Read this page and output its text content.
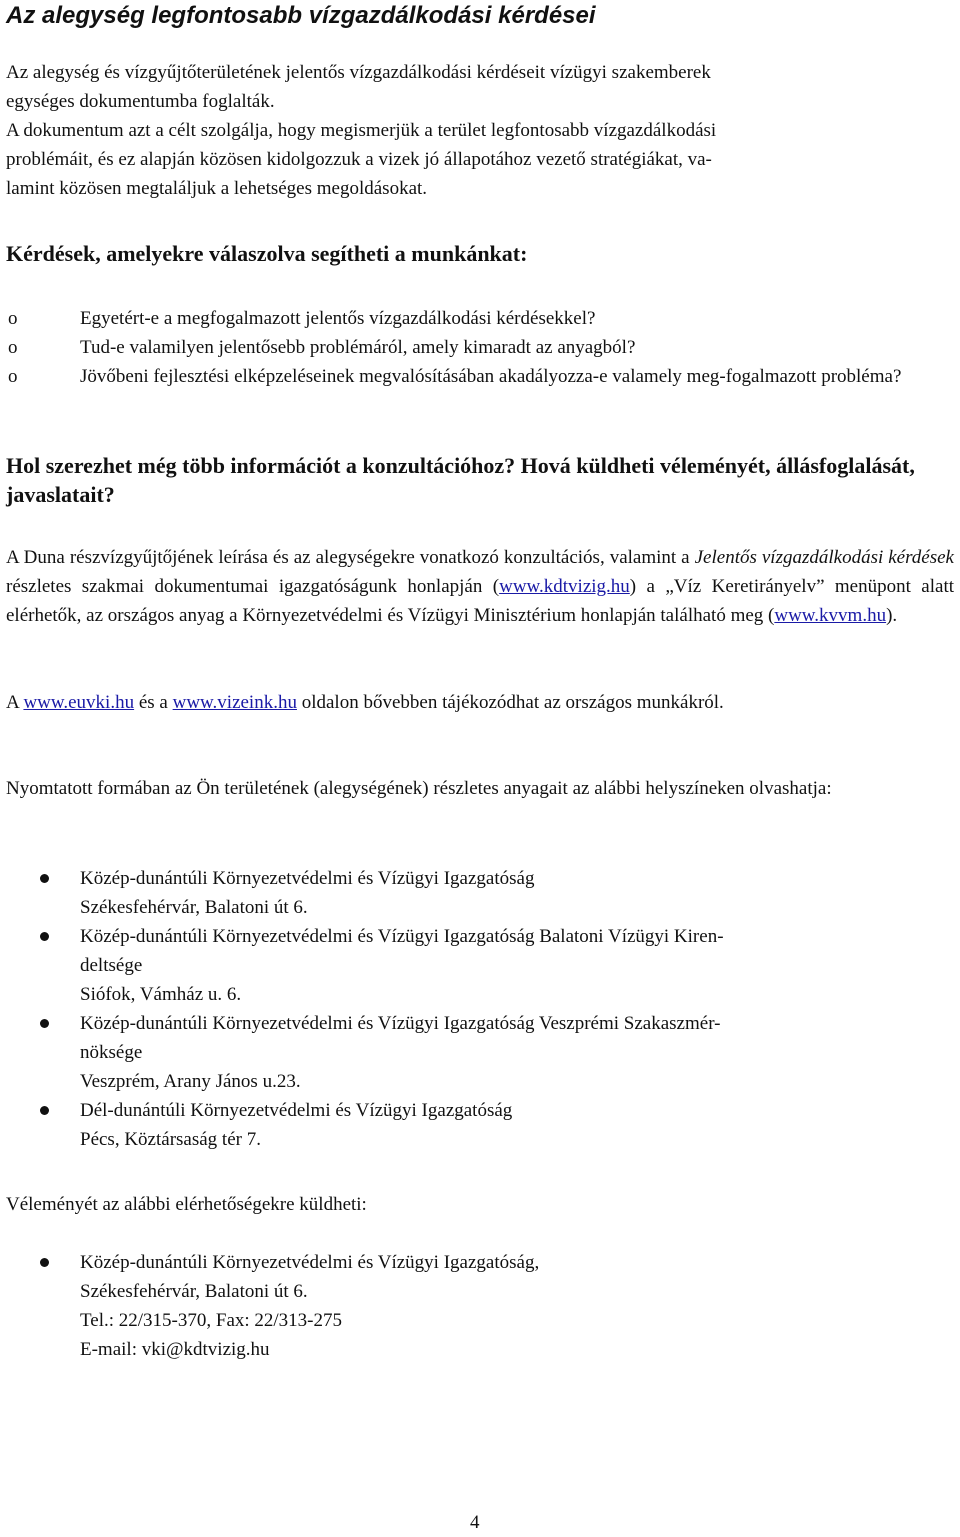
Az alegység legfontosabb vízgazdálkodási kérdései

Az alegység és vízgyűjtőterületének jelentős vízgazdálkodási kérdéseit vízügyi szakemberek
egységes dokumentumba foglalták.
A dokumentum azt a célt szolgálja, hogy megismerjük a terület legfontosabb vízgazdálkodási
problémáit, és ez alapján közösen kidolgozzuk a vizek jó állapotához vezető stratégiákat, va-
lamint közösen megtaláljuk a lehetséges megoldásokat.

Kérdések, amelyekre válaszolva segítheti a munkánkat:
o	Egyetért-e a megfogalmazott jelentős vízgazdálkodási kérdésekkel?
o	Tud-e valamilyen jelentősebb problémáról, amely kimaradt az anyagból?
o	Jövőbeni fejlesztési elképzeléseinek megvalósításában akadályozza-e valamely meg-fogalmazott probléma?
Hol szerezhet még több információt a konzultációhoz? Hová küldheti véleményét, állásfoglalását, javaslatait?

A Duna részvízgyűjtőjének leírása és az alegységekre vonatkozó konzultációs, valamint a Jelentős vízgazdálkodási kérdések részletes szakmai dokumentumai igazgatóságunk honlapján (www.kdtvizig.hu) a „Víz Keretirányelv” menüpont alatt elérhetők, az országos anyag a Környezetvédelmi és Vízügyi Minisztérium honlapján található meg (www.kvvm.hu).

A www.euvki.hu és a www.vizeink.hu oldalon bővebben tájékozódhat az országos munkákról.

Nyomtatott formában az Ön területének (alegységének) részletes anyagait az alábbi helyszíneken olvashatja:

Közép-dunántúli Környezetvédelmi és Vízügyi Igazgatóság
Székesfehérvár, Balatoni út 6.
Közép-dunántúli Környezetvédelmi és Vízügyi Igazgatóság Balatoni Vízügyi Kiren-
deltsége
Siófok, Vámház u. 6.
Közép-dunántúli Környezetvédelmi és Vízügyi Igazgatóság Veszprémi Szakaszmér-
nöksége
Veszprém, Arany János u.23.
Dél-dunántúli Környezetvédelmi és Vízügyi Igazgatóság
Pécs, Köztársaság tér 7.

Véleményét az alábbi elérhetőségekre küldheti:

Közép-dunántúli Környezetvédelmi és Vízügyi Igazgatóság,
Székesfehérvár, Balatoni út 6.
Tel.: 22/315-370, Fax: 22/313-275
E-mail: vki@kdtvizig.hu
4
